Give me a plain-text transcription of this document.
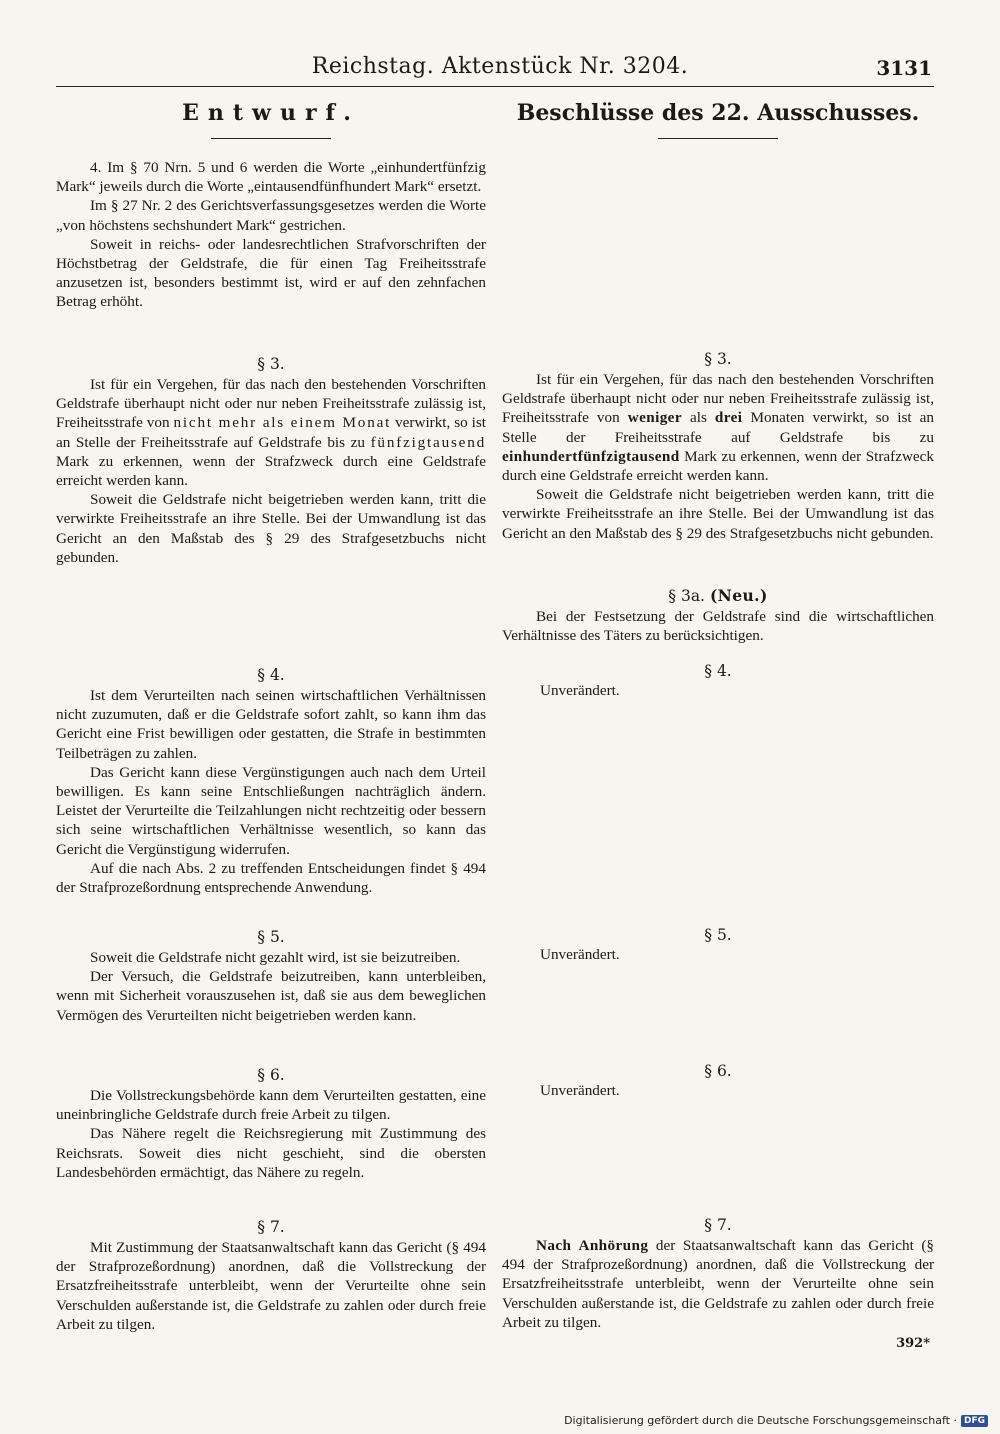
Reichstag. Aktenstück Nr. 3204.	3131
Entwurf.

4. Im § 70 Nrn. 5 und 6 werden die Worte „einhundertfünfzig Mark“ jeweils durch die Worte „eintausendfünfhundert Mark“ ersetzt.

Im § 27 Nr. 2 des Gerichtsverfassungsgesetzes werden die Worte „von höchstens sechshundert Mark“ gestrichen.

Soweit in reichs- oder landesrechtlichen Strafvorschriften der Höchstbetrag der Geldstrafe, die für einen Tag Freiheitsstrafe anzusetzen ist, besonders bestimmt ist, wird er auf den zehnfachen Betrag erhöht.

§ 3.

Ist für ein Vergehen, für das nach den bestehenden Vorschriften Geldstrafe überhaupt nicht oder nur neben Freiheitsstrafe zulässig ist, Freiheitsstrafe von nicht mehr als einem Monat verwirkt, so ist an Stelle der Freiheitsstrafe auf Geldstrafe bis zu fünfzigtausend Mark zu erkennen, wenn der Strafzweck durch eine Geldstrafe erreicht werden kann.

Soweit die Geldstrafe nicht beigetrieben werden kann, tritt die verwirkte Freiheitsstrafe an ihre Stelle. Bei der Umwandlung ist das Gericht an den Maßstab des § 29 des Strafgesetzbuchs nicht gebunden.

§ 4.

Ist dem Verurteilten nach seinen wirtschaftlichen Verhältnissen nicht zuzumuten, daß er die Geldstrafe sofort zahlt, so kann ihm das Gericht eine Frist bewilligen oder gestatten, die Strafe in bestimmten Teilbeträgen zu zahlen.

Das Gericht kann diese Vergünstigungen auch nach dem Urteil bewilligen. Es kann seine Entschließungen nachträglich ändern. Leistet der Verurteilte die Teilzahlungen nicht rechtzeitig oder bessern sich seine wirtschaftlichen Verhältnisse wesentlich, so kann das Gericht die Vergünstigung widerrufen.

Auf die nach Abs. 2 zu treffenden Entscheidungen findet § 494 der Strafprozeßordnung entsprechende Anwendung.

§ 5.

Soweit die Geldstrafe nicht gezahlt wird, ist sie beizutreiben.

Der Versuch, die Geldstrafe beizutreiben, kann unterbleiben, wenn mit Sicherheit vorauszusehen ist, daß sie aus dem beweglichen Vermögen des Verurteilten nicht beigetrieben werden kann.

§ 6.

Die Vollstreckungsbehörde kann dem Verurteilten gestatten, eine uneinbringliche Geldstrafe durch freie Arbeit zu tilgen.

Das Nähere regelt die Reichsregierung mit Zustimmung des Reichsrats. Soweit dies nicht geschieht, sind die obersten Landesbehörden ermächtigt, das Nähere zu regeln.

§ 7.

Mit Zustimmung der Staatsanwaltschaft kann das Gericht (§ 494 der Strafprozeßordnung) anordnen, daß die Vollstreckung der Ersatzfreiheitsstrafe unterbleibt, wenn der Verurteilte ohne sein Verschulden außerstande ist, die Geldstrafe zu zahlen oder durch freie Arbeit zu tilgen.

Beschlüsse des 22. Ausschusses.
§ 3.

Ist für ein Vergehen, für das nach den bestehenden Vorschriften Geldstrafe überhaupt nicht oder nur neben Freiheitsstrafe zulässig ist, Freiheitsstrafe von weniger als drei Monaten verwirkt, so ist an Stelle der Freiheitsstrafe auf Geldstrafe bis zu einhundertfünfzigtausend Mark zu erkennen, wenn der Strafzweck durch eine Geldstrafe erreicht werden kann.

Soweit die Geldstrafe nicht beigetrieben werden kann, tritt die verwirkte Freiheitsstrafe an ihre Stelle. Bei der Umwandlung ist das Gericht an den Maßstab des § 29 des Strafgesetzbuchs nicht gebunden.

§ 3a. (Neu.)

Bei der Festsetzung der Geldstrafe sind die wirtschaftlichen Verhältnisse des Täters zu berücksichtigen.

§ 4.
Unverändert.
§ 5.
Unverändert.
§ 6.
Unverändert.
§ 7.

Nach Anhörung der Staatsanwaltschaft kann das Gericht (§ 494 der Strafprozeßordnung) anordnen, daß die Vollstreckung der Ersatzfreiheitsstrafe unterbleibt, wenn der Verurteilte ohne sein Verschulden außerstande ist, die Geldstrafe zu zahlen oder durch freie Arbeit zu tilgen.

392*
Digitalisierung gefördert durch die Deutsche Forschungsgemeinschaft · DFG
